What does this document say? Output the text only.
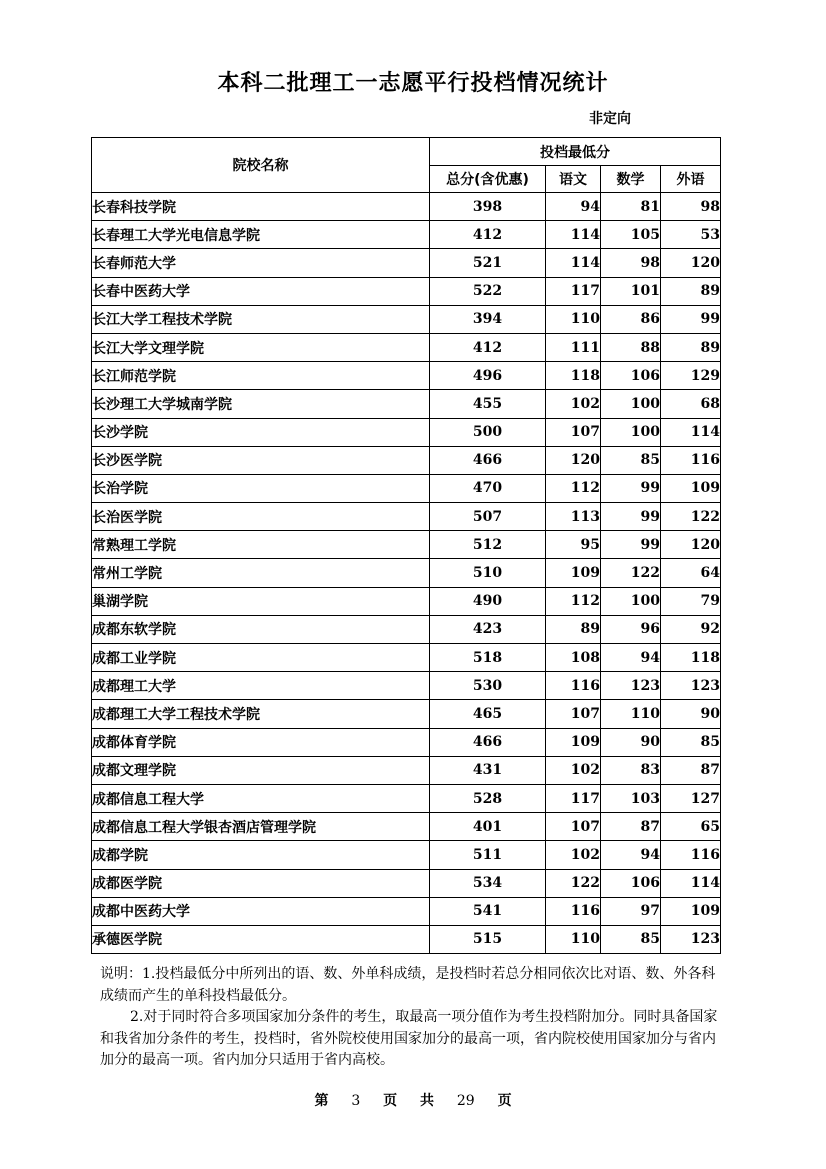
本科二批理工一志愿平行投档情况统计
非定向
院校名称	投档最低分			
	总分(含优惠)	语文	数学	外语
长春科技学院	398	94	81	98
长春理工大学光电信息学院	412	114	105	53
长春师范大学	521	114	98	120
长春中医药大学	522	117	101	89
长江大学工程技术学院	394	110	86	99
长江大学文理学院	412	111	88	89
长江师范学院	496	118	106	129
长沙理工大学城南学院	455	102	100	68
长沙学院	500	107	100	114
长沙医学院	466	120	85	116
长治学院	470	112	99	109
长治医学院	507	113	99	122
常熟理工学院	512	95	99	120
常州工学院	510	109	122	64
巢湖学院	490	112	100	79
成都东软学院	423	89	96	92
成都工业学院	518	108	94	118
成都理工大学	530	116	123	123
成都理工大学工程技术学院	465	107	110	90
成都体育学院	466	109	90	85
成都文理学院	431	102	83	87
成都信息工程大学	528	117	103	127
成都信息工程大学银杏酒店管理学院	401	107	87	65
成都学院	511	102	94	116
成都医学院	534	122	106	114
成都中医药大学	541	116	97	109
承德医学院	515	110	85	123

说明：1.投档最低分中所列出的语、数、外单科成绩，是投档时若总分相同依次比对语、数、外各科成绩而产生的单科投档最低分。

2.对于同时符合多项国家加分条件的考生，取最高一项分值作为考生投档附加分。同时具备国家和我省加分条件的考生，投档时，省外院校使用国家加分的最高一项，省内院校使用国家加分与省内加分的最高一项。省内加分只适用于省内高校。

第 3 页 共 29 页
